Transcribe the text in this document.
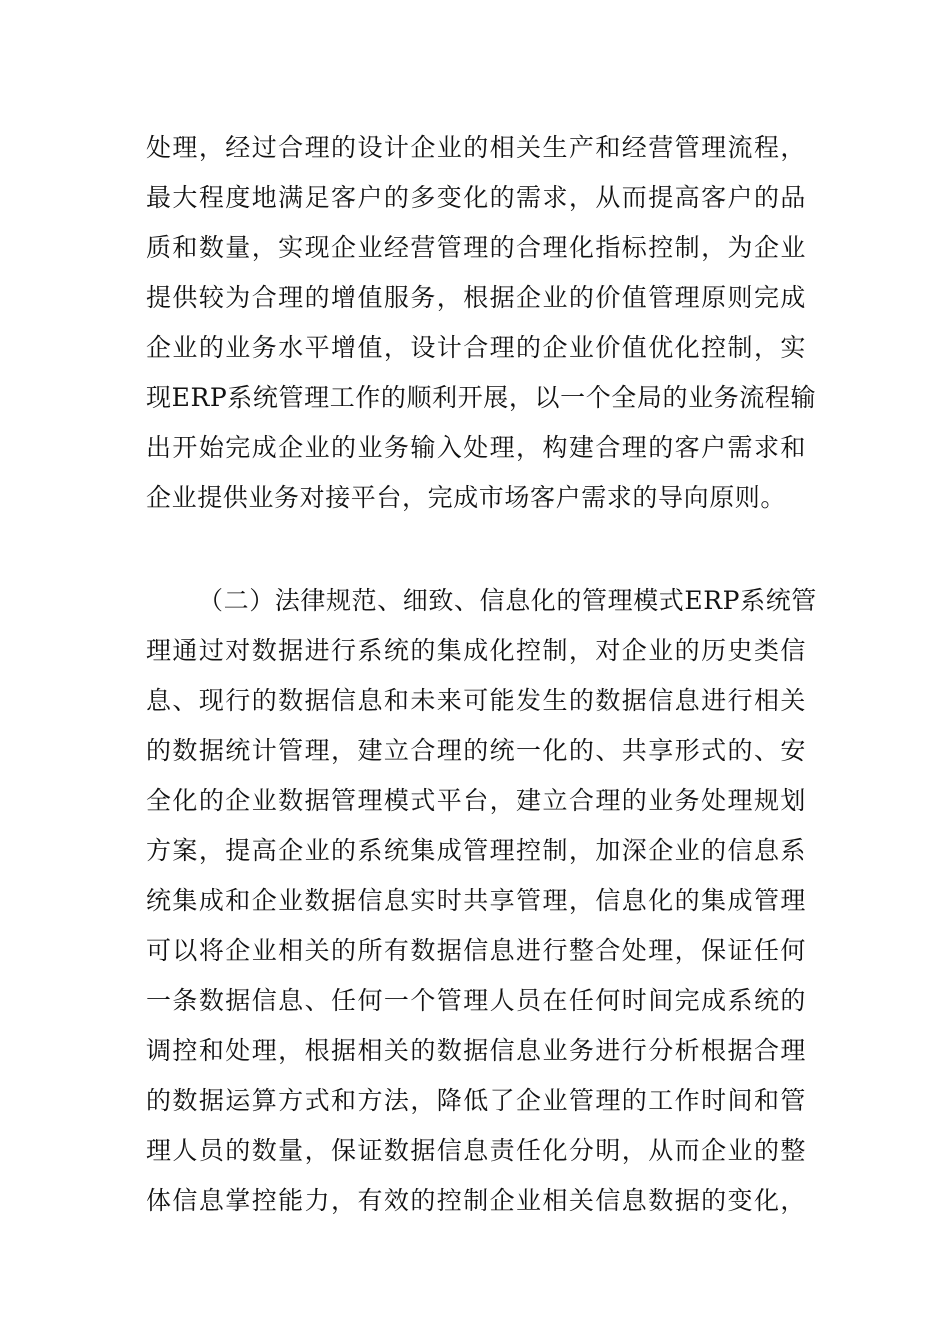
处理，经过合理的设计企业的相关生产和经营管理流程，
最大程度地满足客户的多变化的需求，从而提高客户的品
质和数量，实现企业经营管理的合理化指标控制，为企业
提供较为合理的增值服务，根据企业的价值管理原则完成
企业的业务水平增值，设计合理的企业价值优化控制，实
现ERP系统管理工作的顺利开展，以一个全局的业务流程输
出开始完成企业的业务输入处理，构建合理的客户需求和
企业提供业务对接平台，完成市场客户需求的导向原则。

（二）法律规范、细致、信息化的管理模式ERP系统管
理通过对数据进行系统的集成化控制，对企业的历史类信
息、现行的数据信息和未来可能发生的数据信息进行相关
的数据统计管理，建立合理的统一化的、共享形式的、安
全化的企业数据管理模式平台，建立合理的业务处理规划
方案，提高企业的系统集成管理控制，加深企业的信息系
统集成和企业数据信息实时共享管理，信息化的集成管理
可以将企业相关的所有数据信息进行整合处理，保证任何
一条数据信息、任何一个管理人员在任何时间完成系统的
调控和处理，根据相关的数据信息业务进行分析根据合理
的数据运算方式和方法，降低了企业管理的工作时间和管
理人员的数量，保证数据信息责任化分明，从而企业的整
体信息掌控能力，有效的控制企业相关信息数据的变化，
